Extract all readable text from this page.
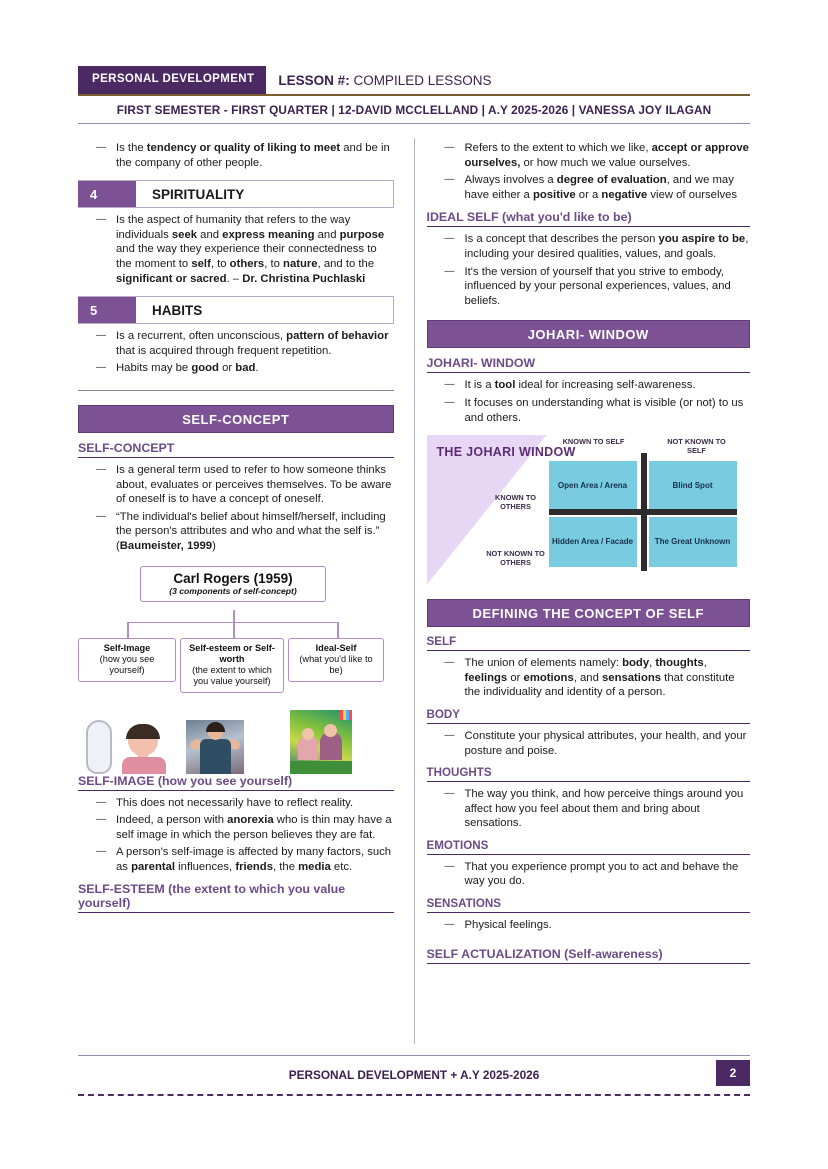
PERSONAL DEVELOPMENT	LESSON #: COMPILED LESSONS
FIRST SEMESTER - FIRST QUARTER | 12-DAVID MCCLELLAND | A.Y 2025-2026 | VANESSA JOY ILAGAN
— Is the tendency or quality of liking to meet and be in the company of other people.
4	SPIRITUALITY
— Is the aspect of humanity that refers to the way individuals seek and express meaning and purpose and the way they experience their connectedness to the moment to self, to others, to nature, and to the significant or sacred. – Dr. Christina Puchlaski
5	HABITS
— Is a recurrent, often unconscious, pattern of behavior that is acquired through frequent repetition.
— Habits may be good or bad.
SELF-CONCEPT
SELF-CONCEPT
— Is a general term used to refer to how someone thinks about, evaluates or perceives themselves. To be aware of oneself is to have a concept of oneself.
— “The individual's belief about himself/herself, including the person's attributes and who and what the self is.” (Baumeister, 1999)
Carl Rogers (1959)
(3 components of self-concept)
Self-Image
(how you see yourself)
Self-esteem or Self-worth
(the extent to which you value yourself)
Ideal-Self
(what you'd like to be)
SELF-IMAGE (how you see yourself)
— This does not necessarily have to reflect reality.
— Indeed, a person with anorexia who is thin may have a self image in which the person believes they are fat.
— A person's self-image is affected by many factors, such as parental influences, friends, the media etc.
SELF-ESTEEM (the extent to which you value yourself)
— Refers to the extent to which we like, accept or approve ourselves, or how much we value ourselves.
— Always involves a degree of evaluation, and we may have either a positive or a negative view of ourselves
IDEAL SELF (what you'd like to be)
— Is a concept that describes the person you aspire to be, including your desired qualities, values, and goals.
— It's the version of yourself that you strive to embody, influenced by your personal experiences, values, and beliefs.
JOHARI- WINDOW
JOHARI- WINDOW
— It is a tool ideal for increasing self-awareness.
— It focuses on understanding what is visible (or not) to us and others.
THE JOHARI WINDOW
KNOWN TO SELF	NOT KNOWN TO SELF
KNOWN TO OTHERS
NOT KNOWN TO OTHERS
Open Area / Arena	Blind Spot
Hidden Area / Facade	The Great Unknown
DEFINING THE CONCEPT OF SELF
SELF
— The union of elements namely: body, thoughts, feelings or emotions, and sensations that constitute the individuality and identity of a person.
BODY
— Constitute your physical attributes, your health, and your posture and poise.
THOUGHTS
— The way you think, and how perceive things around you affect how you feel about them and bring about sensations.
EMOTIONS
— That you experience prompt you to act and behave the way you do.
SENSATIONS
— Physical feelings.
SELF ACTUALIZATION (Self-awareness)
PERSONAL DEVELOPMENT + A.Y 2025-2026	2
